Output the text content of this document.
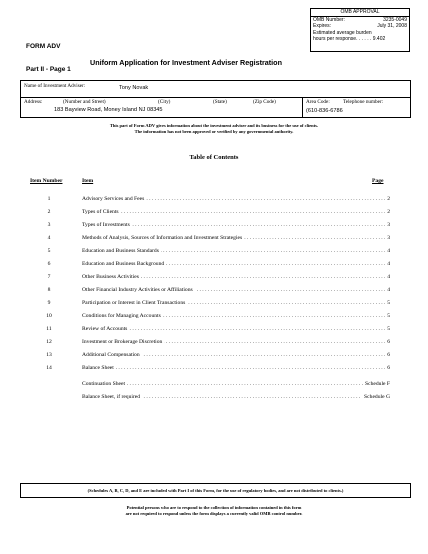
OMB APPROVAL
OMB Number:	3235-0049
Expires:	July 31, 2008
Estimated average burden
hours per response. . . . . . 9.402
FORM ADV
Uniform Application for Investment Adviser Registration
Part II - Page 1
Name of Investment Adviser:	Tony Novak
Address:	(Number and Street)	(City)	(State)	(Zip Code)
183 Bayview Road, Money Island NJ 08345
Area Code:	Telephone number:
(610-836-6786
This part of Form ADV gives information about the investment adviser and its business for the use of clients.
The information has not been approved or verified by any governmental authority.
Table of Contents
Item Number	Item	Page
1	Advisory Services and Fees . . .	2
2	Types of Clients . . .	2
3	Types of Investments . . .	3
4	Methods of Analysis, Sources of Information and Investment Strategies . . .	3
5	Education and Business Standards . . .	4
6	Education and Business Background . . .	4
7	Other Business Activities . . .	4
8	Other Financial Industry Activities or Affiliations . . .	4
9	Participation or Interest in Client Transactions . . .	5
10	Conditions for Managing Accounts . . .	5
11	Review of Accounts . . .	5
12	Investment or Brokerage Discretion . . .	6
13	Additional Compensation . . .	6
14	Balance Sheet . . .	6
Continuation Sheet . . .	Schedule F
Balance Sheet, if required . . .	Schedule G
(Schedules A, B, C, D, and E are included with Part I of this Form, for the use of regulatory bodies, and are not distributed to clients.)
Potential persons who are to respond to the collection of information contained in this form
are not required to respond unless the form displays a currently valid OMB control number.
